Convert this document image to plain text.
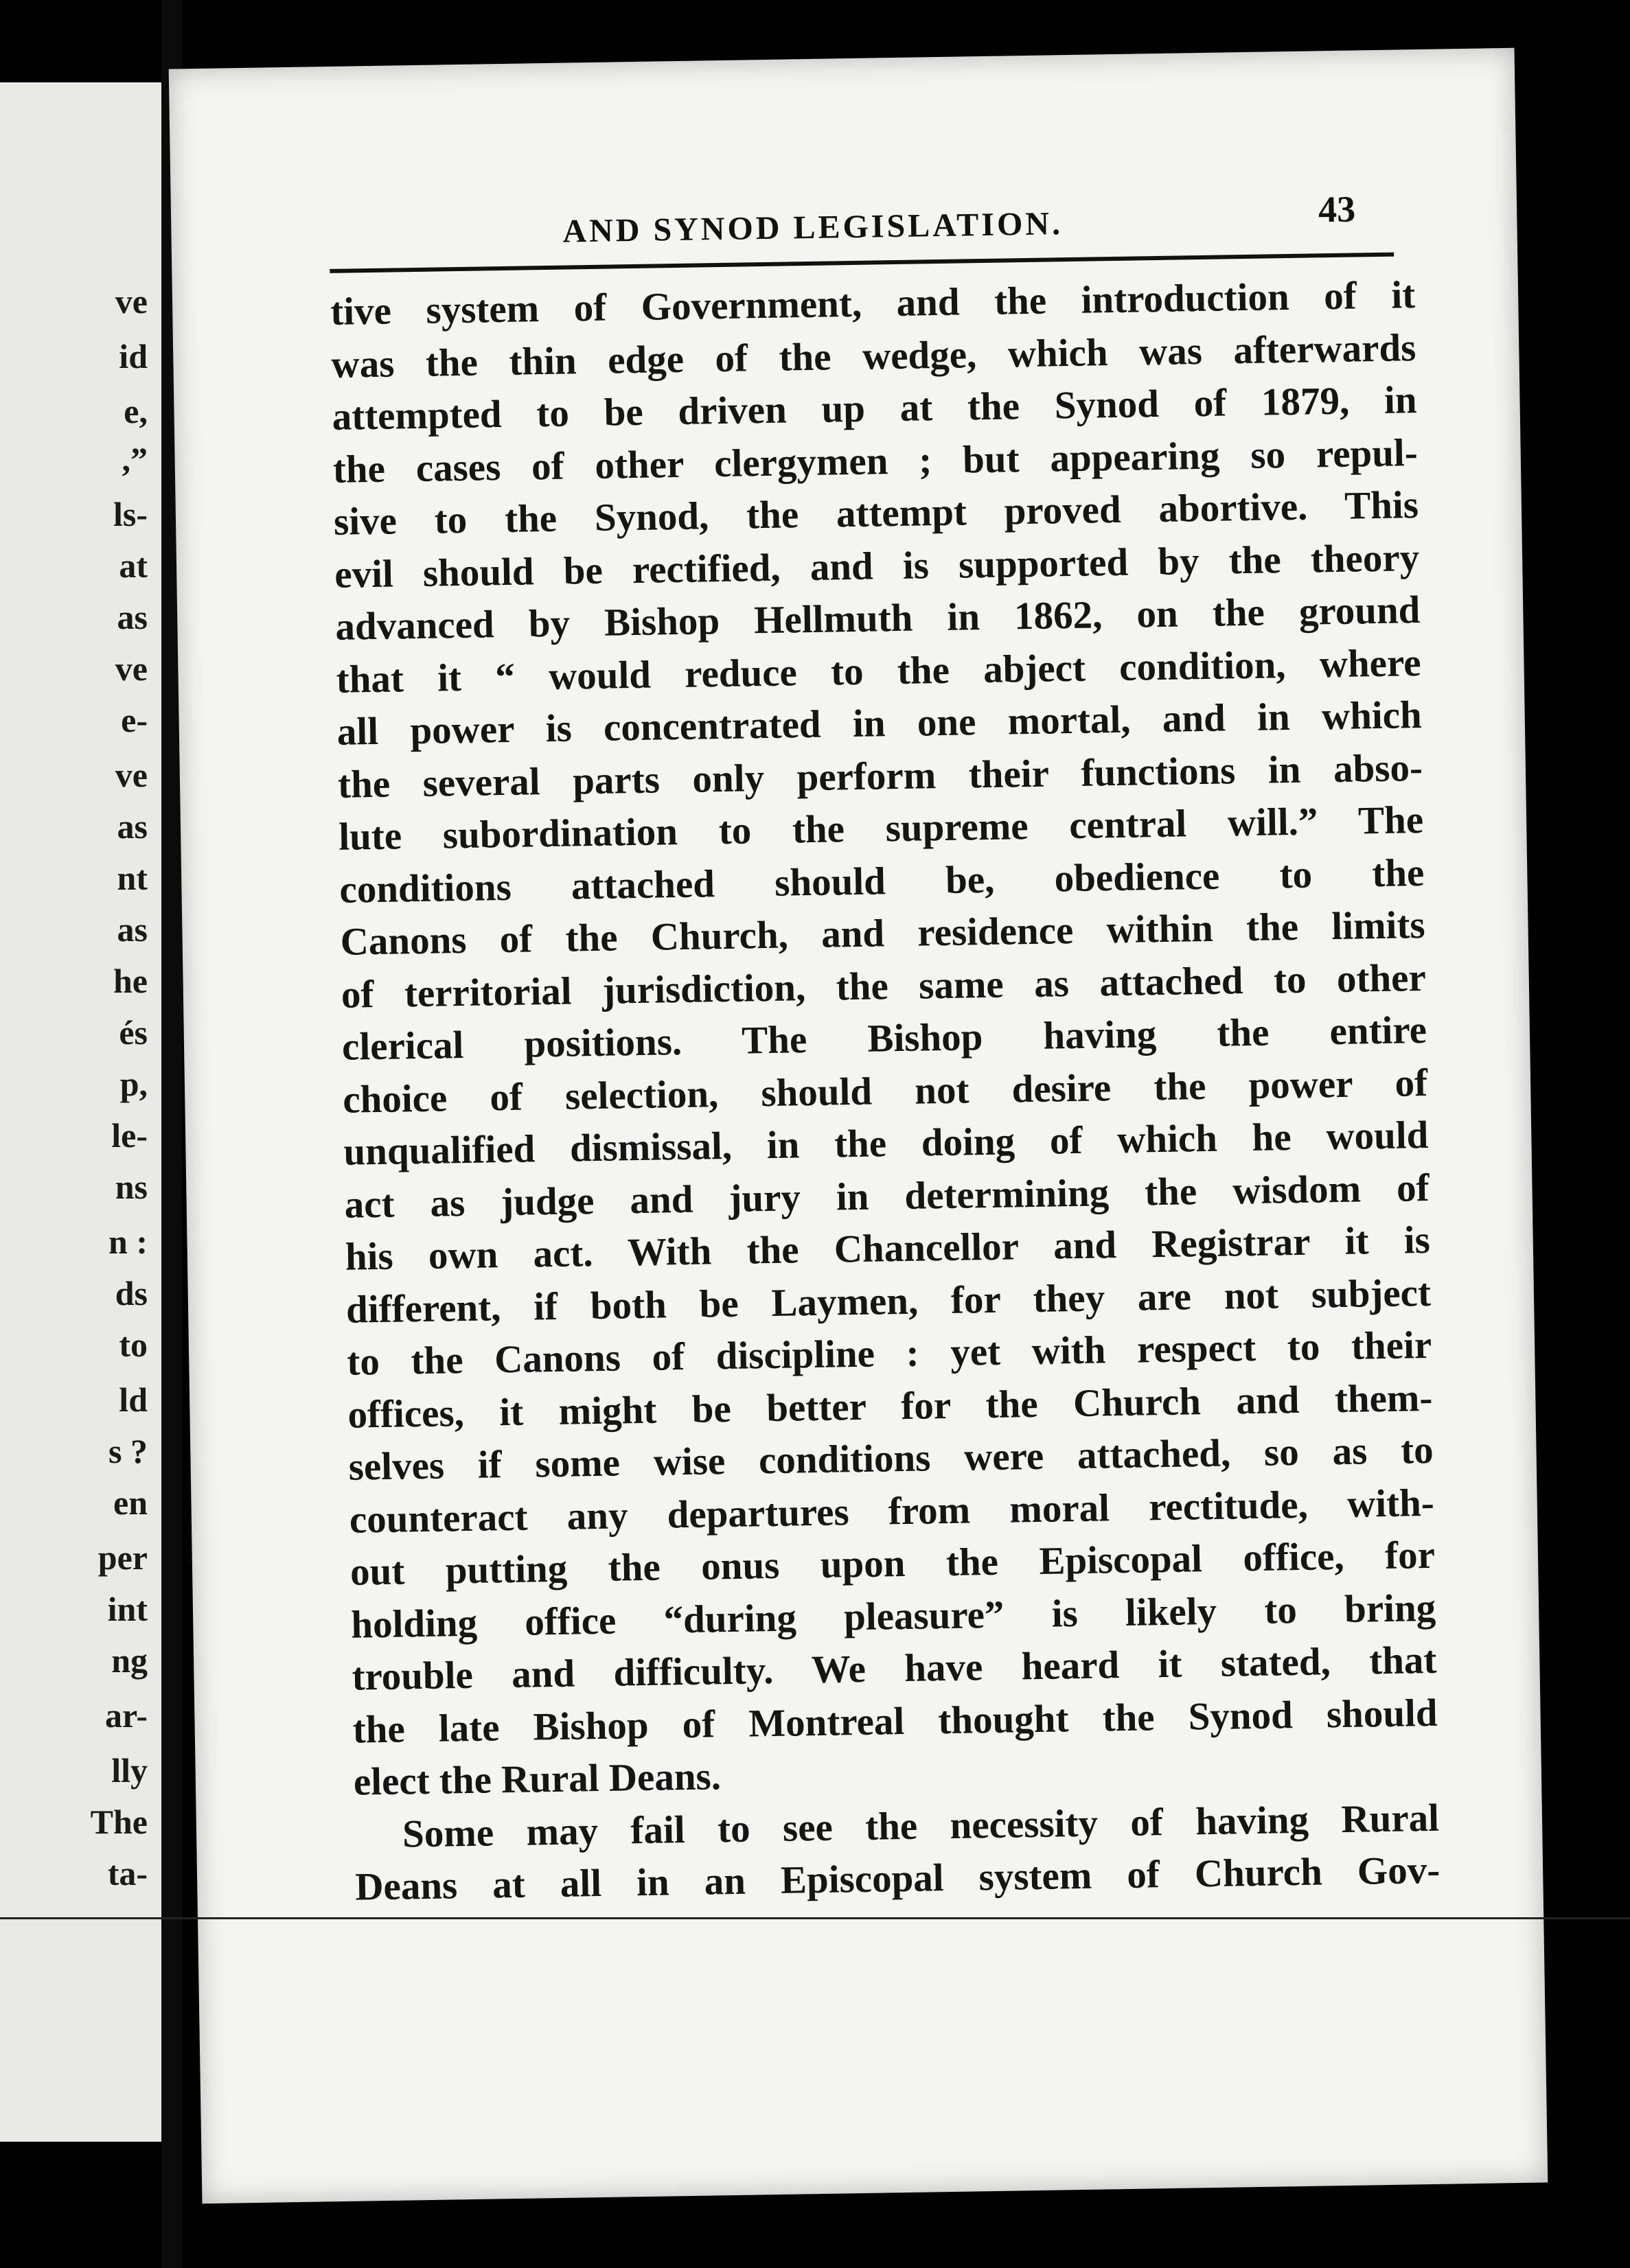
ve
id
e,
,”
ls-
at
as
ve
e-
ve
as
nt
as
he
és
p,
le-
ns
n :
ds
to
ld
s ?
en
per
int
ng
ar-
lly
The
ta-
AND SYNOD LEGISLATION.	43
tive system of Government, and the introduction of it
was the thin edge of the wedge, which was afterwards
attempted to be driven up at the Synod of 1879, in
the cases of other clergymen ; but appearing so repul-
sive to the Synod, the attempt proved abortive. This
evil should be rectified, and is supported by the theory
advanced by Bishop Hellmuth in 1862, on the ground
that it “ would reduce to the abject condition, where
all power is concentrated in one mortal, and in which
the several parts only perform their functions in abso-
lute subordination to the supreme central will.” The
conditions attached should be, obedience to the
Canons of the Church, and residence within the limits
of territorial jurisdiction, the same as attached to other
clerical positions. The Bishop having the entire
choice of selection, should not desire the power of
unqualified dismissal, in the doing of which he would
act as judge and jury in determining the wisdom of
his own act. With the Chancellor and Registrar it is
different, if both be Laymen, for they are not subject
to the Canons of discipline : yet with respect to their
offices, it might be better for the Church and them-
selves if some wise conditions were attached, so as to
counteract any departures from moral rectitude, with-
out putting the onus upon the Episcopal office, for
holding office “during pleasure” is likely to bring
trouble and difficulty. We have heard it stated, that
the late Bishop of Montreal thought the Synod should
elect the Rural Deans.
Some may fail to see the necessity of having Rural
Deans at all in an Episcopal system of Church Gov-
